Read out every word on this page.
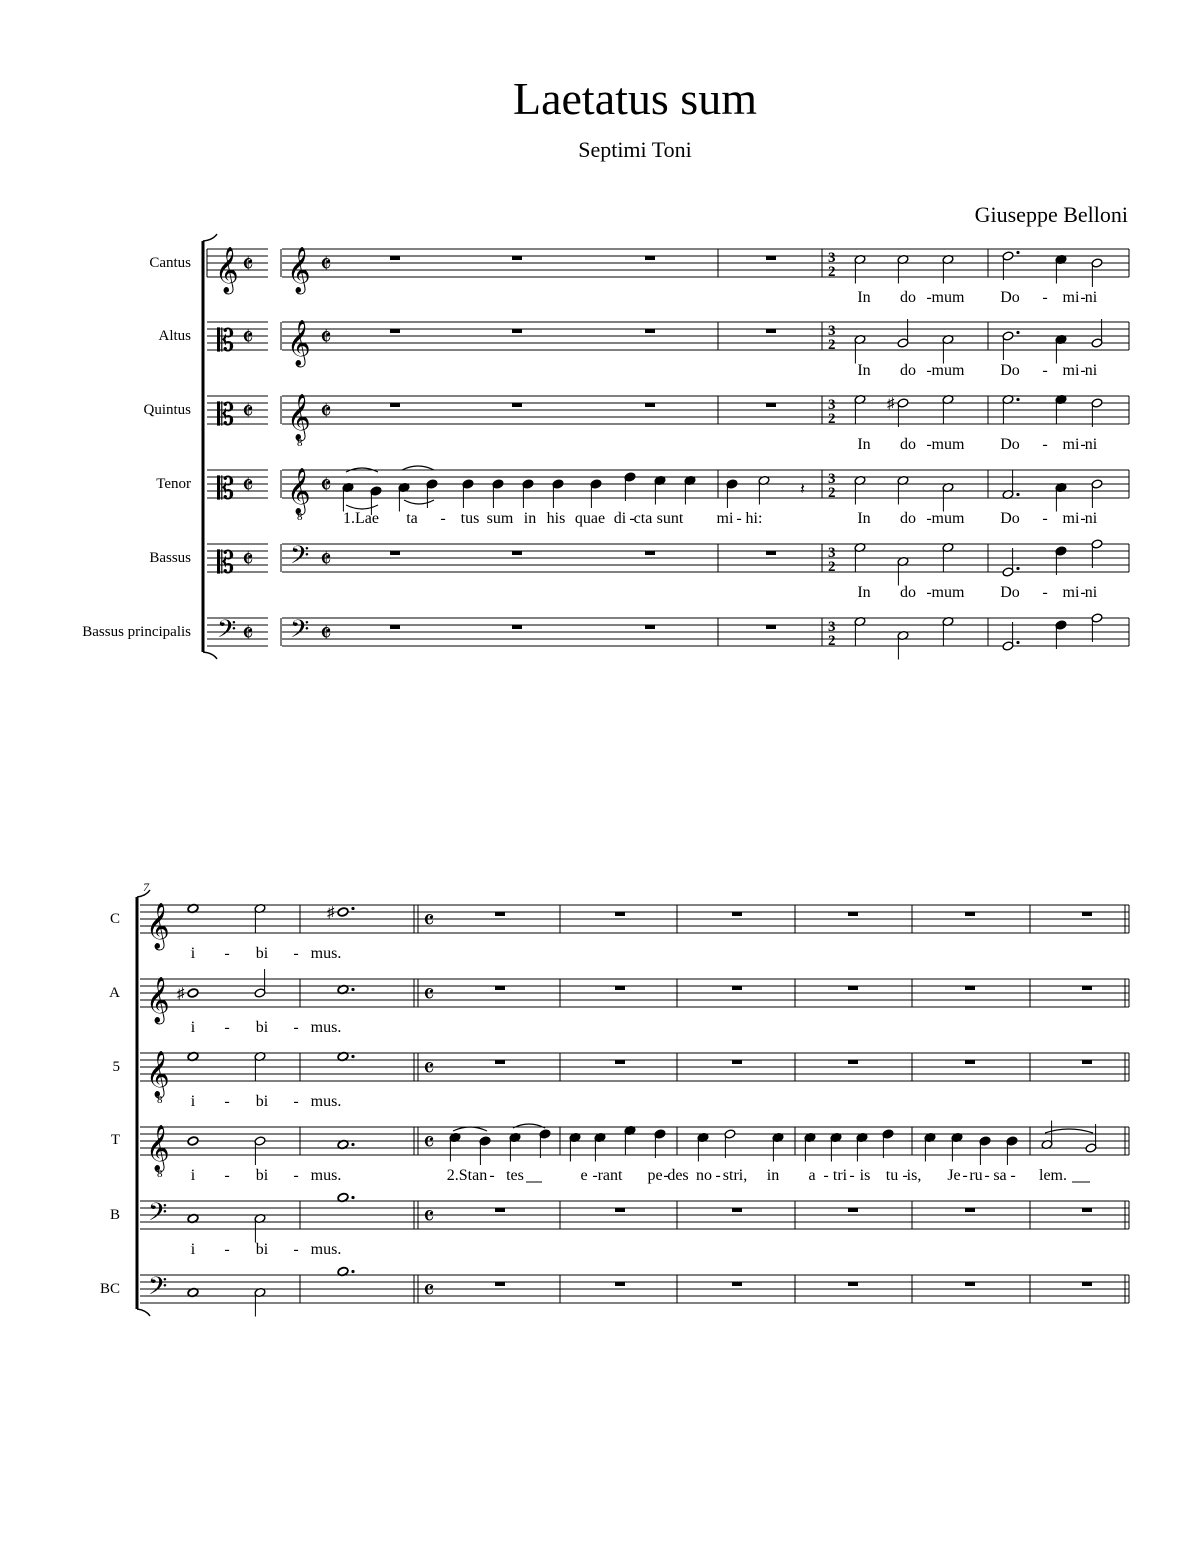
Laetatus sum
Septimi Toni
Giuseppe Belloni
Cantus
Altus
Quintus
Tenor
Bassus
Bassus principalis
C
A
5
T
B
BC
𝄞 𝄵 𝄞 𝄵
𝄡 𝄵 𝄞 𝄵
𝄡 𝄵 𝄞
8
𝄵
𝄡 𝄵 𝄞
8
𝄵
𝄡 𝄵 𝄢 𝄵
𝄢 𝄵 𝄢 𝄵
3
2
3
2
3
2
3
2
3
2
3
2
♯
𝄽
In do mum Do	mi ni
-	- -
In do mum Do	mi ni
-	- -
In do mum Do	mi ni
-	- -
In do mum Do	mi ni
-	- -
1.Lae ta	tus sum in his quae di cta sunt mi hi:	In do mum Do	mi ni
-	-	-	-	- -
7
𝄞
𝄞
𝄞
8
𝄞
8
𝄢
𝄢
𝄴
𝄴
𝄴
𝄴
𝄴
𝄴
♯
♯
i	bi	mus.
-	-
i	bi	mus.
-	-
i	bi	mus.
-	-
i	bi	mus.
-	-
i	bi	mus.	2.Stan tes	e rant pe des no stri, in a tri is tu is, Je ru sa lem.
-	-	-	-	-	-	- -	-	- - -
